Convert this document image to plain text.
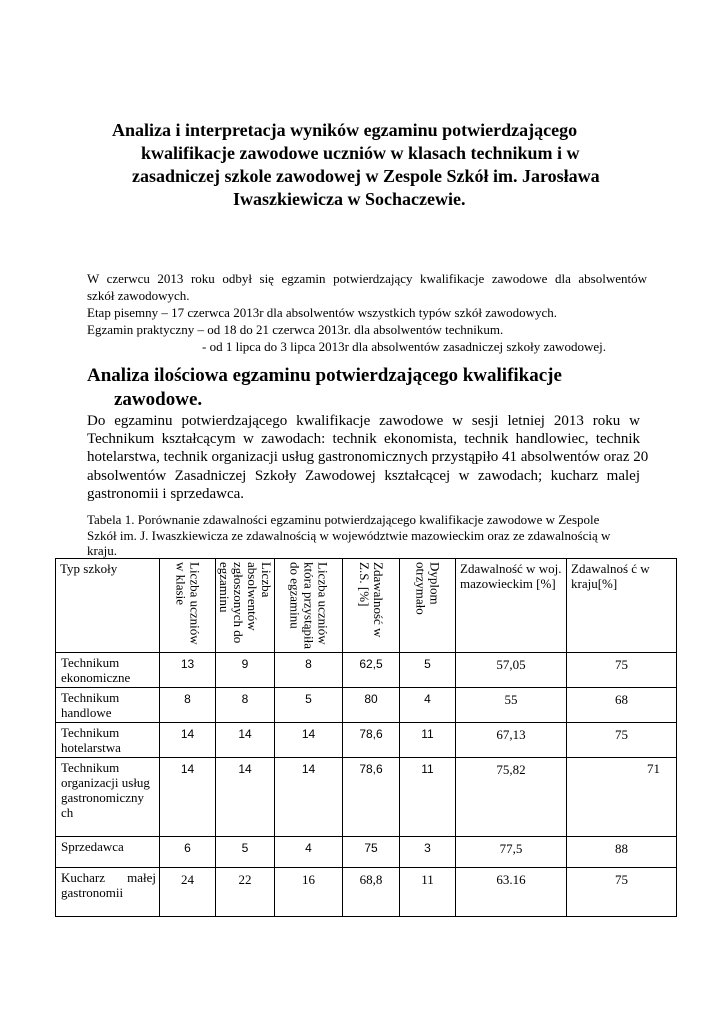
Analiza i interpretacja wyników egzaminu potwierdzającego
kwalifikacje zawodowe uczniów w klasach technikum i w
zasadniczej szkole zawodowej w Zespole Szkół im. Jarosława
Iwaszkiewicza w Sochaczewie.
W czerwcu 2013 roku odbył się egzamin potwierdzający kwalifikacje zawodowe dla absolwentów
szkół zawodowych.
Etap pisemny – 17 czerwca 2013r dla absolwentów wszystkich typów szkół zawodowych.
Egzamin praktyczny – od 18 do 21 czerwca 2013r. dla absolwentów technikum.
- od 1 lipca do 3 lipca 2013r dla absolwentów zasadniczej szkoły zawodowej.
Analiza ilościowa egzaminu potwierdzającego kwalifikacje
zawodowe.
Do egzaminu potwierdzającego kwalifikacje zawodowe w sesji letniej 2013 roku w
Technikum kształcącym w zawodach: technik ekonomista, technik handlowiec, technik
hotelarstwa, technik organizacji usług gastronomicznych przystąpiło 41 absolwentów oraz 20
absolwentów Zasadniczej Szkoły Zawodowej kształcącej w zawodach; kucharz malej
gastronomii i sprzedawca.
Tabela 1. Porównanie zdawalności egzaminu potwierdzającego kwalifikacje zawodowe w Zespole
Szkół im. J. Iwaszkiewicza ze zdawalnością w województwie mazowieckim oraz ze zdawalnością w
kraju.
Typ szkoły	Liczba uczniów w klasie	Liczba absolwentów zgłoszonych do egzaminu	Liczba uczniów która przystąpiła do egzaminu	Zdawalność w Z.S. [%]	Dyplom otrzymało	Zdawalność w woj. mazowieckim [%]	Zdawalnoś ć w kraju[%]
Technikum ekonomiczne	13	9	8	62,5	5	57,05	75
Technikum handlowe	8	8	5	80	4	55	68
Technikum hotelarstwa	14	14	14	78,6	11	67,13	75
Technikum organizacji usług gastronomiczny ch	14	14	14	78,6	11	75,82	71
Sprzedawca	6	5	4	75	3	77,5	88

Kucharz małej gastronomii	24	22	16	68,8	11	63.16	75
